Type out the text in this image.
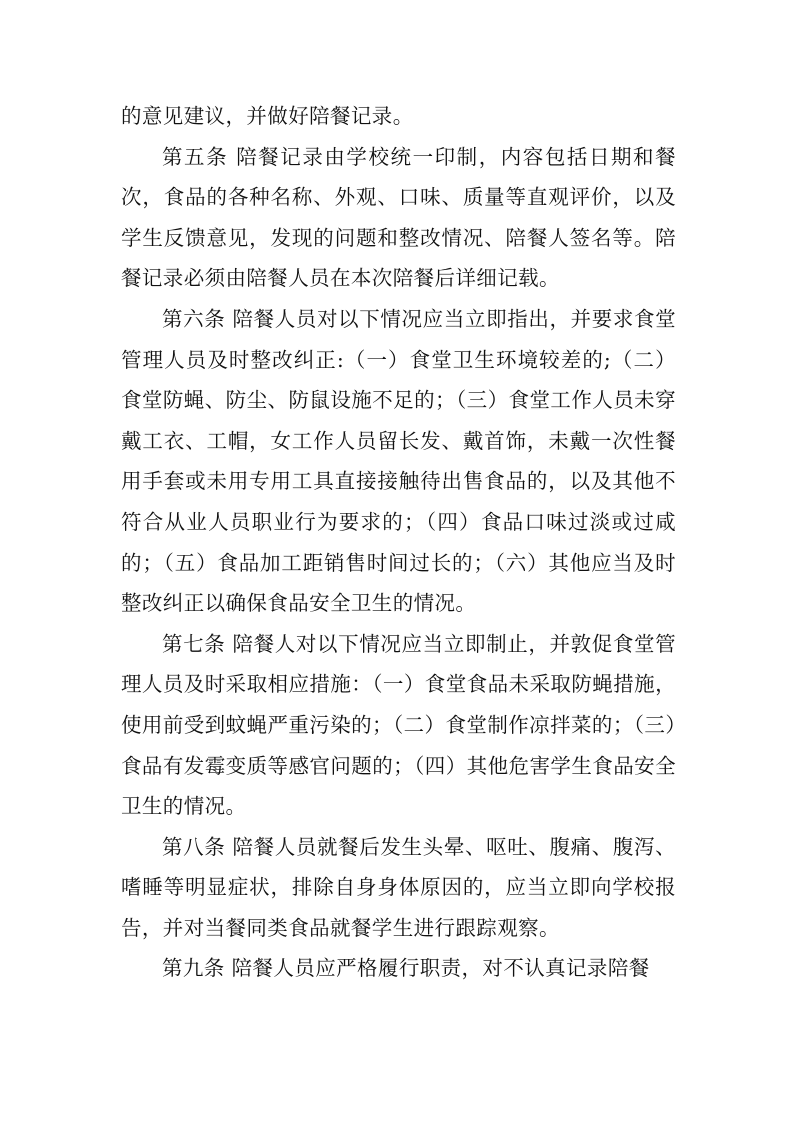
的意见建议，并做好陪餐记录。

第五条 陪餐记录由学校统一印制，内容包括日期和餐次，食品的各种名称、外观、口味、质量等直观评价，以及学生反馈意见，发现的问题和整改情况、陪餐人签名等。陪餐记录必须由陪餐人员在本次陪餐后详细记载。

第六条 陪餐人员对以下情况应当立即指出，并要求食堂管理人员及时整改纠正:（一）食堂卫生环境较差的;（二）食堂防蝇、防尘、防鼠设施不足的；（三）食堂工作人员未穿戴工衣、工帽，女工作人员留长发、戴首饰，未戴一次性餐用手套或未用专用工具直接接触待出售食品的，以及其他不符合从业人员职业行为要求的；（四）食品口味过淡或过咸的；（五）食品加工距销售时间过长的；（六）其他应当及时整改纠正以确保食品安全卫生的情况。

第七条 陪餐人对以下情况应当立即制止，并敦促食堂管理人员及时采取相应措施：（一）食堂食品未采取防蝇措施，使用前受到蚊蝇严重污染的；（二）食堂制作凉拌菜的；（三）食品有发霉变质等感官问题的；（四）其他危害学生食品安全卫生的情况。

第八条 陪餐人员就餐后发生头晕、呕吐、腹痛、腹泻、嗜睡等明显症状，排除自身身体原因的，应当立即向学校报告，并对当餐同类食品就餐学生进行跟踪观察。

第九条 陪餐人员应严格履行职责，对不认真记录陪餐
